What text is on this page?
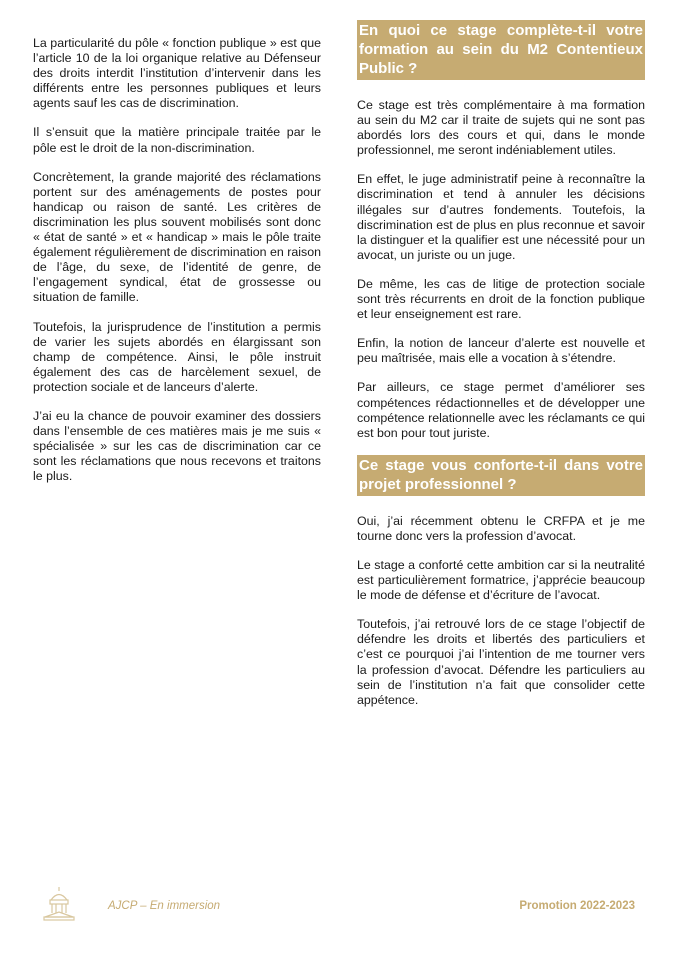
La particularité du pôle « fonction publique » est que l’article 10 de la loi organique relative au Défenseur des droits interdit l’institution d’intervenir dans les différents entre les personnes publiques et leurs agents sauf les cas de discrimination.

Il s’ensuit que la matière principale traitée par le pôle est le droit de la non-discrimination.

Concrètement, la grande majorité des réclamations portent sur des aménagements de postes pour handicap ou raison de santé. Les critères de discrimination les plus souvent mobilisés sont donc « état de santé » et « handicap » mais le pôle traite également régulièrement de discrimination en raison de l’âge, du sexe, de l’identité de genre, de l’engagement syndical, état de grossesse ou situation de famille.

Toutefois, la jurisprudence de l’institution a permis de varier les sujets abordés en élargissant son champ de compétence. Ainsi, le pôle instruit également des cas de harcèlement sexuel, de protection sociale et de lanceurs d’alerte.

J’ai eu la chance de pouvoir examiner des dossiers dans l’ensemble de ces matières mais je me suis « spécialisée » sur les cas de discrimination car ce sont les réclamations que nous recevons et traitons le plus.

En quoi ce stage complète-t-il votre formation au sein du M2 Contentieux Public ?

Ce stage est très complémentaire à ma formation au sein du M2 car il traite de sujets qui ne sont pas abordés lors des cours et qui, dans le monde professionnel, me seront indéniablement utiles.

En effet, le juge administratif peine à reconnaître la discrimination et tend à annuler les décisions illégales sur d’autres fondements. Toutefois, la discrimination est de plus en plus reconnue et savoir la distinguer et la qualifier est une nécessité pour un avocat, un juriste ou un juge.

De même, les cas de litige de protection sociale sont très récurrents en droit de la fonction publique et leur enseignement est rare.

Enfin, la notion de lanceur d’alerte est nouvelle et peu maîtrisée, mais elle a vocation à s’étendre.

Par ailleurs, ce stage permet d’améliorer ses compétences rédactionnelles et de développer une compétence relationnelle avec les réclamants ce qui est bon pour tout juriste.

Ce stage vous conforte-t-il dans votre projet professionnel ?

Oui, j’ai récemment obtenu le CRFPA et je me tourne donc vers la profession d’avocat.

Le stage a conforté cette ambition car si la neutralité est particulièrement formatrice, j’apprécie beaucoup le mode de défense et d’écriture de l’avocat.

Toutefois, j’ai retrouvé lors de ce stage l’objectif de défendre les droits et libertés des particuliers et c’est ce pourquoi j’ai l’intention de me tourner vers la profession d’avocat. Défendre les particuliers au sein de l’institution n’a fait que consolider cette appétence.

AJCP – En immersion	Promotion 2022-2023
